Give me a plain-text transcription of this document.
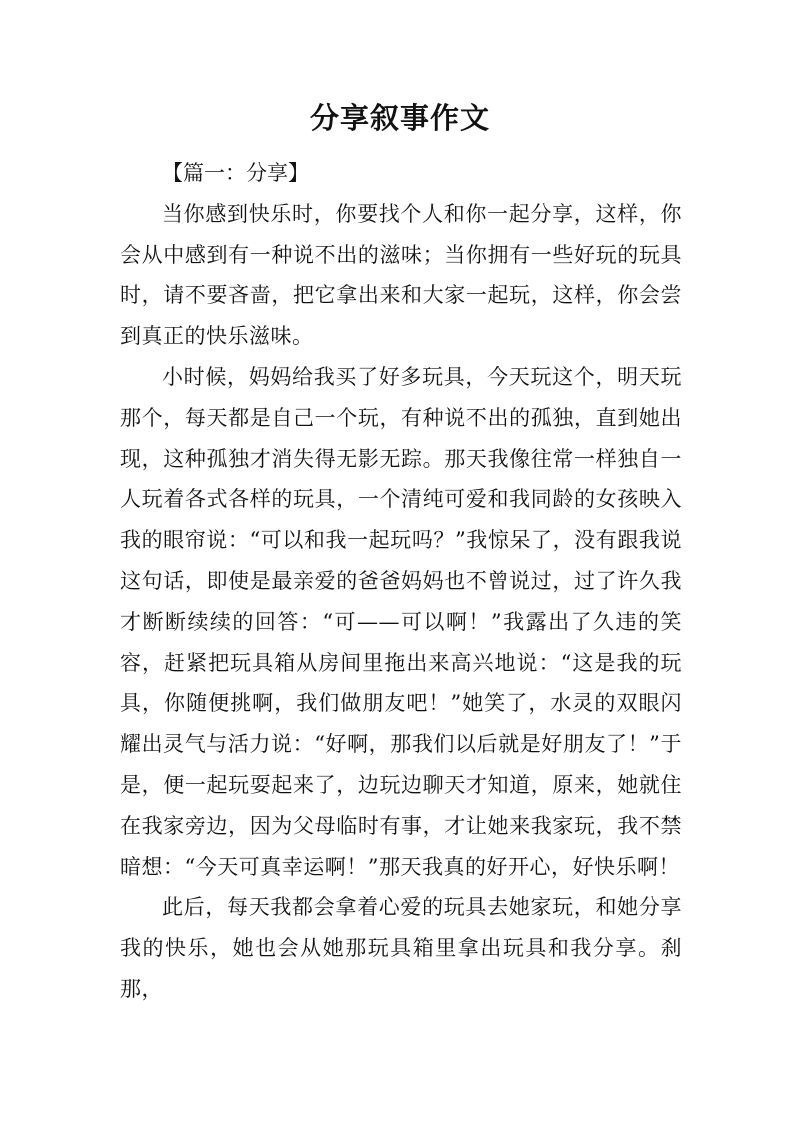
分享叙事作文

【篇一：分享】

当你感到快乐时，你要找个人和你一起分享，这样，你会从中感到有一种说不出的滋味；当你拥有一些好玩的玩具时，请不要吝啬，把它拿出来和大家一起玩，这样，你会尝到真正的快乐滋味。

小时候，妈妈给我买了好多玩具，今天玩这个，明天玩那个，每天都是自己一个玩，有种说不出的孤独，直到她出现，这种孤独才消失得无影无踪。那天我像往常一样独自一人玩着各式各样的玩具，一个清纯可爱和我同龄的女孩映入我的眼帘说：“可以和我一起玩吗？”我惊呆了，没有跟我说这句话，即使是最亲爱的爸爸妈妈也不曾说过，过了许久我才断断续续的回答：“可——可以啊！”我露出了久违的笑容，赶紧把玩具箱从房间里拖出来高兴地说：“这是我的玩具，你随便挑啊，我们做朋友吧！”她笑了，水灵的双眼闪耀出灵气与活力说：“好啊，那我们以后就是好朋友了！”于是，便一起玩耍起来了，边玩边聊天才知道，原来，她就住在我家旁边，因为父母临时有事，才让她来我家玩，我不禁暗想：“今天可真幸运啊！”那天我真的好开心，好快乐啊！

此后，每天我都会拿着心爱的玩具去她家玩，和她分享我的快乐，她也会从她那玩具箱里拿出玩具和我分享。刹那，
